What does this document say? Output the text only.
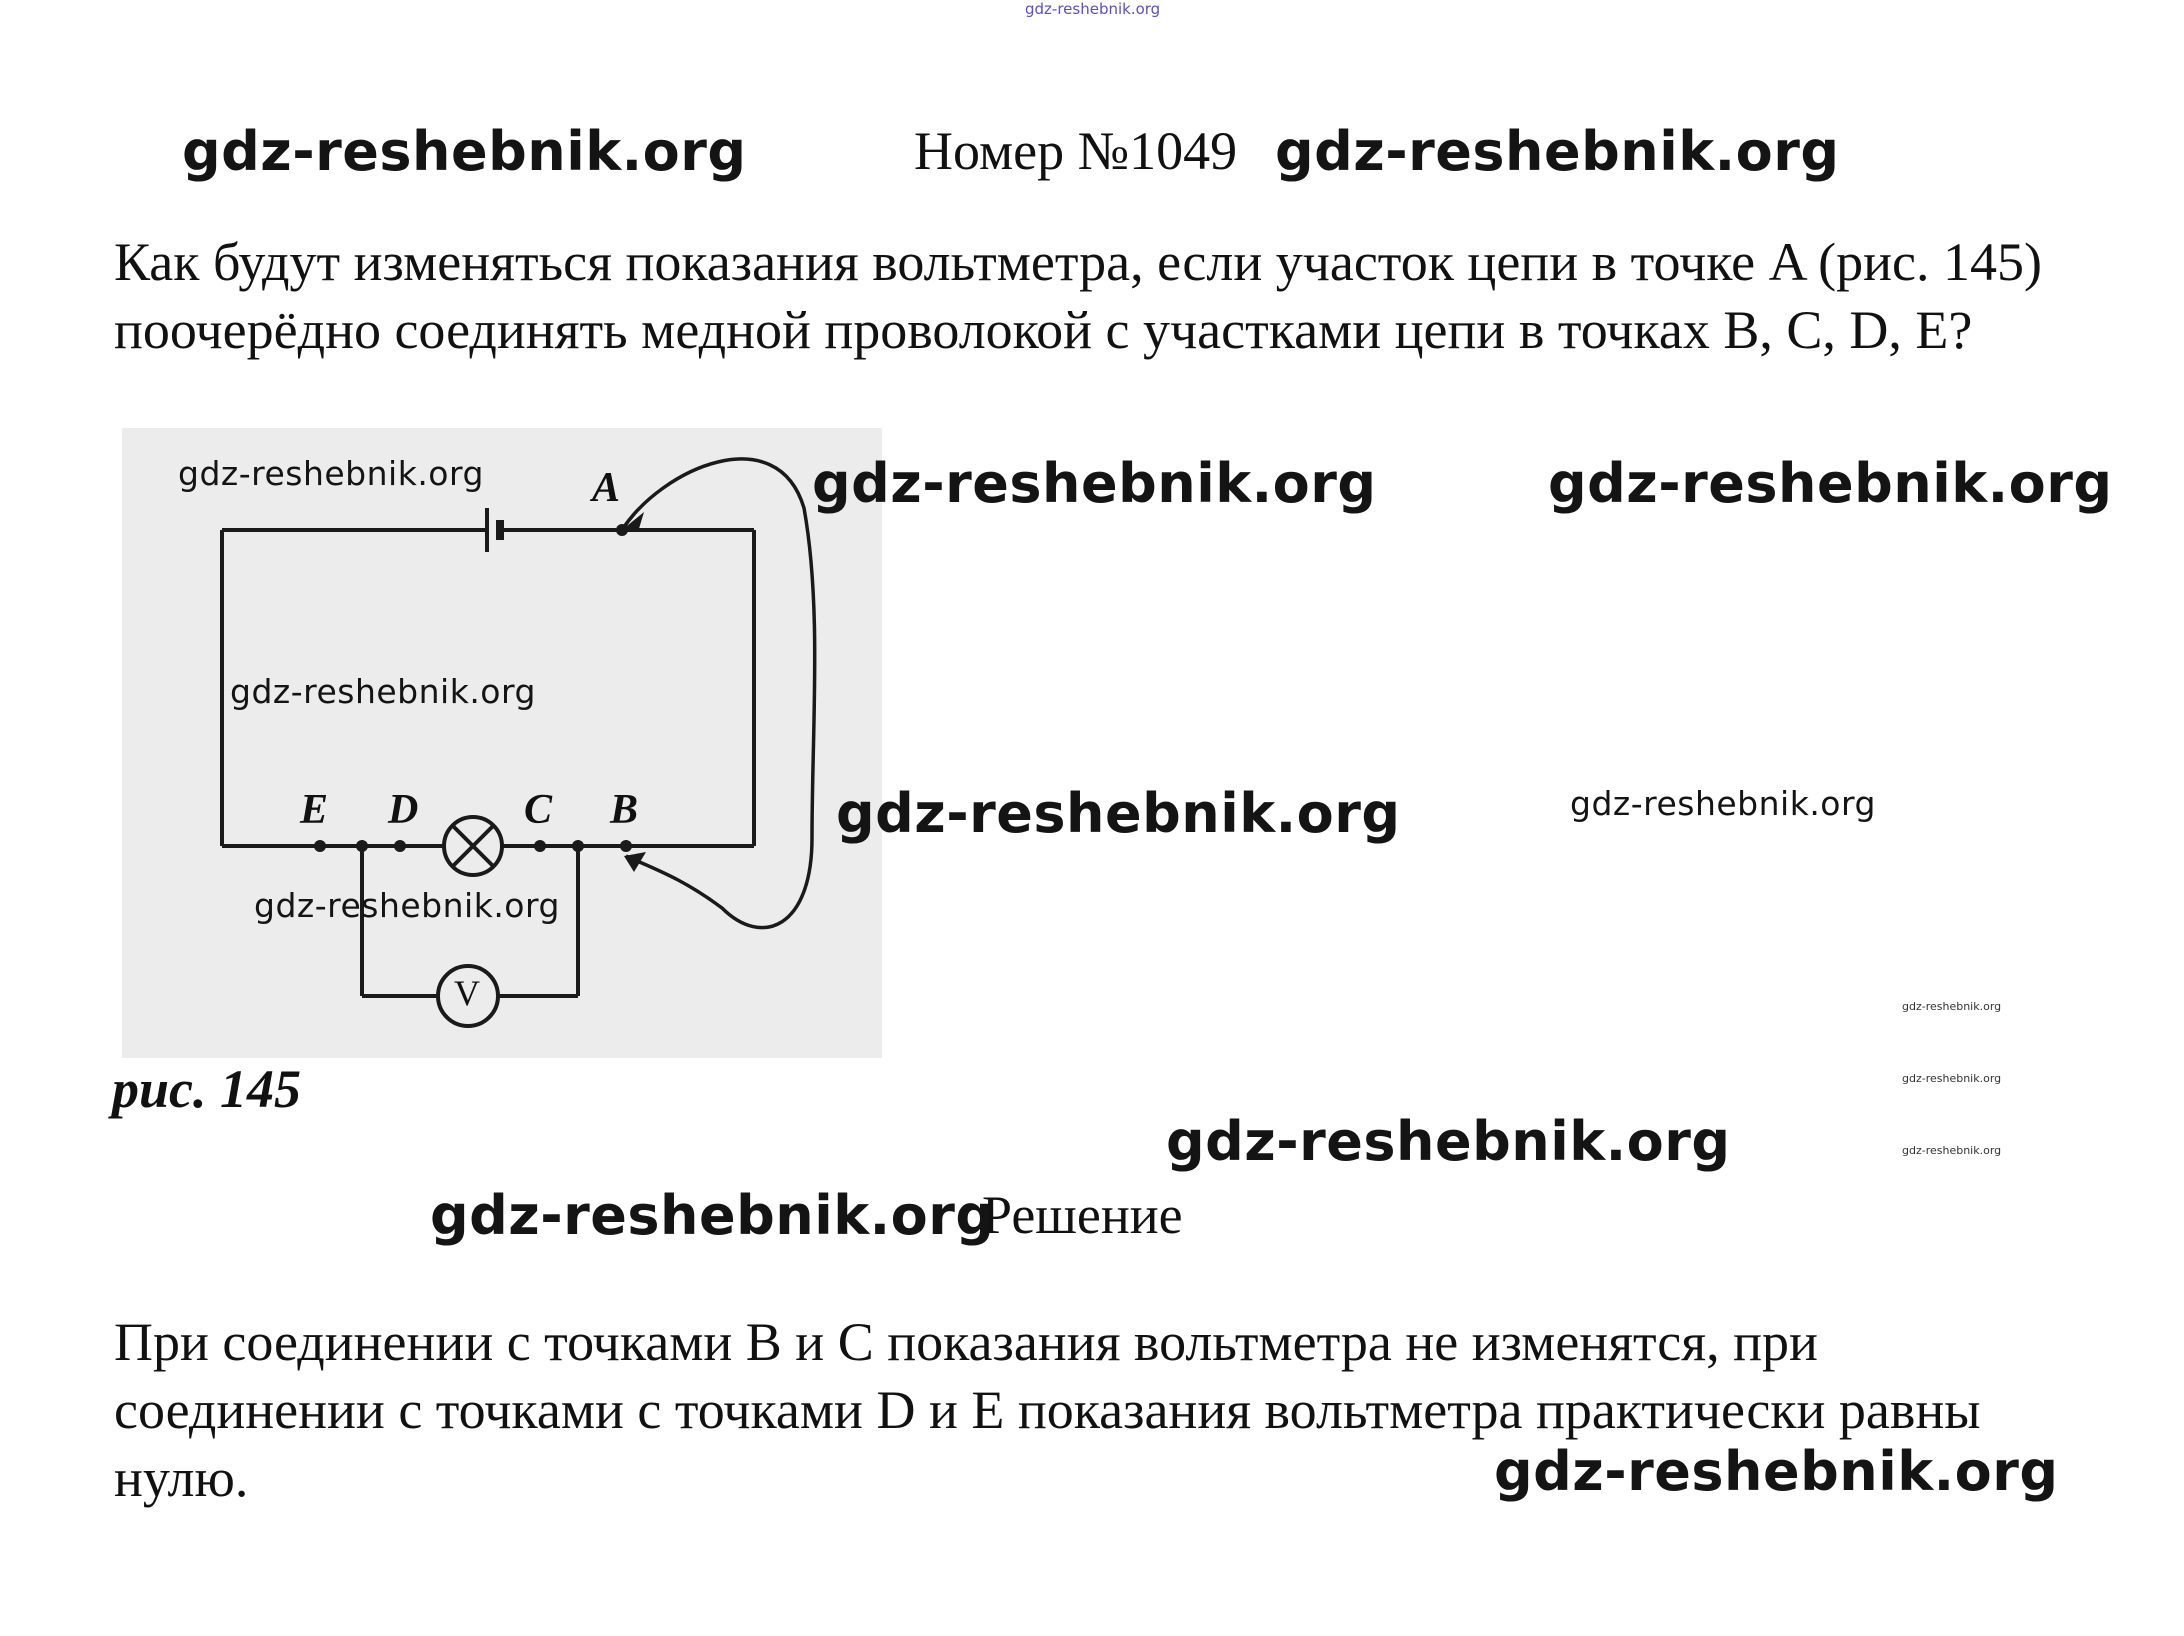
gdz-reshebnik.org
gdz-reshebnik.org	Номер №1049 gdz-reshebnik.org
Как будут изменяться показания вольтметра, если участок цепи в точке A (рис. 145) поочерёдно соединять медной проволокой с участками цепи в точках B, C, D, E?
A
B
C
D
E
V
gdz-reshebnik.org
gdz-reshebnik.org
gdz-reshebnik.org
gdz-reshebnik.org	gdz-reshebnik.org
gdz-reshebnik.org	gdz-reshebnik.org
gdz-reshebnik.org
gdz-reshebnik.org
gdz-reshebnik.org
рис. 145
gdz-reshebnik.org
gdz-reshebnik.org
Решение
При соединении с точками B и C показания вольтметра не изменятся, при соединении с точками с точками D и E показания вольтметра практически равны нулю.	gdz-reshebnik.org
